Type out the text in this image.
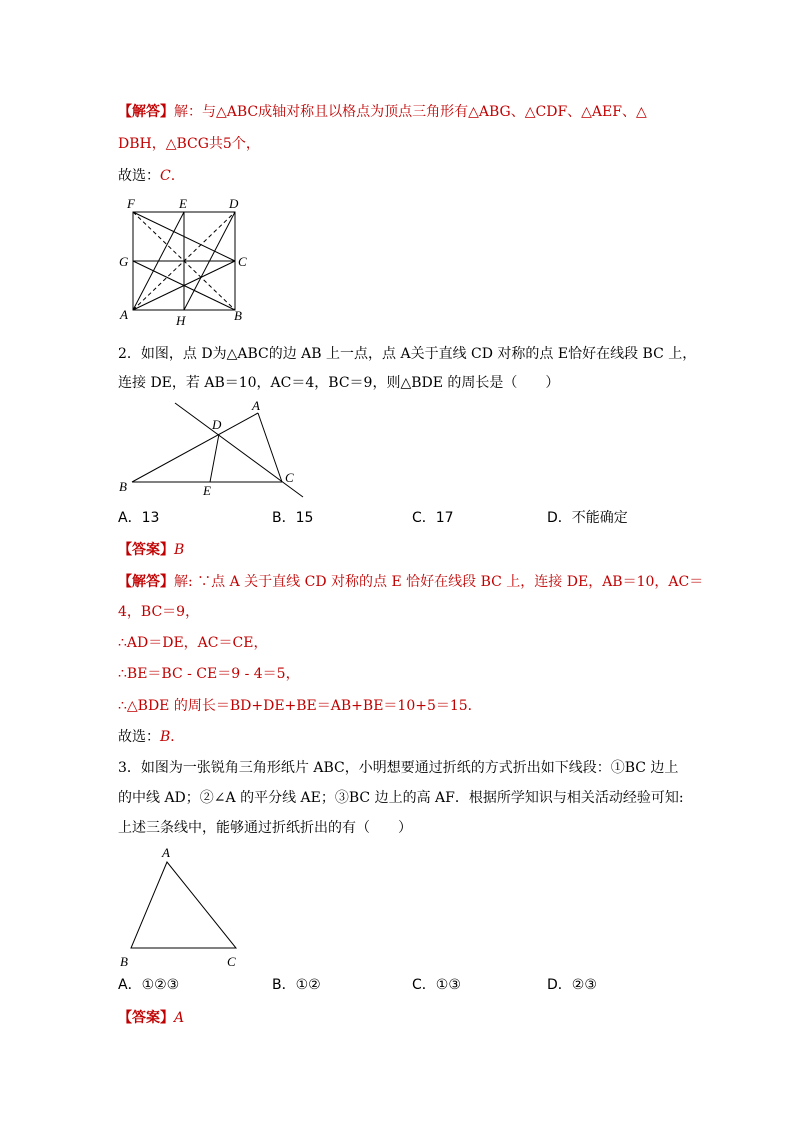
【解答】解：与△ABC成轴对称且以格点为顶点三角形有△ABG、△CDF、△AEF、△
DBH，△BCG共5个，
故选：C.
F	E	D
G	C
A	H	B
2．如图，点 D为△ABC的边 AB 上一点，点 A关于直线 CD 对称的点 E恰好在线段 BC 上，
连接 DE，若 AB＝10，AC＝4，BC＝9，则△BDE 的周长是（　　）
A
D
B	E
C
A．13	B．15	C．17	D．不能确定
【答案】B
【解答】解: ∵点 A 关于直线 CD 对称的点 E 恰好在线段 BC 上，连接 DE，AB＝10，AC＝
4，BC＝9，
∴AD＝DE，AC＝CE，
∴BE＝BC - CE＝9 - 4＝5，
∴△BDE 的周长＝BD+DE+BE＝AB+BE＝10+5＝15．
故选：B．
3．如图为一张锐角三角形纸片 ABC，小明想要通过折纸的方式折出如下线段：①BC 边上
的中线 AD；②∠A 的平分线 AE；③BC 边上的高 AF．根据所学知识与相关活动经验可知:
上述三条线中，能够通过折纸折出的有（　　）
A
B	C
A．①②③	B．①②	C．①③	D．②③
【答案】A
